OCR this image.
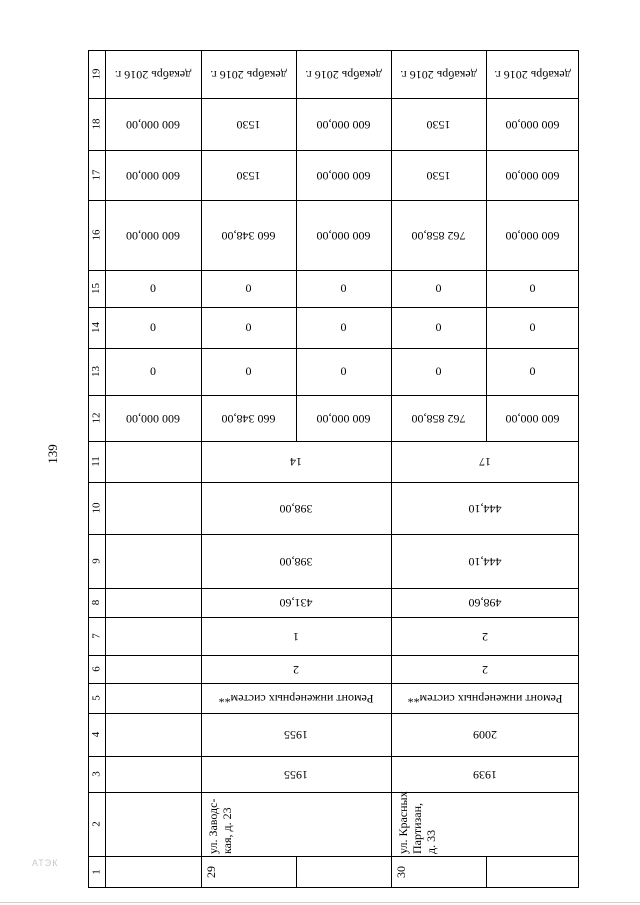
139
АТЭК
19
18
17
16
15
14
13
12
11
10
9
8
7
6
5
4
3
2
1
декабрь 2016 г.
600 000,00
600 000,00
600 000,00
0
0
0
600 000,00
декабрь 2016 г.
1530
1530
660 348,00
0
0
0
660 348,00
декабрь 2016 г.
600 000,00
600 000,00
600 000,00
0
0
0
600 000,00
декабрь 2016 г.
1530
1530
762 858,00
0
0
0
762 858,00
декабрь 2016 г.
600 000,00
600 000,00
600 000,00
0
0
0
600 000,00
14
398,00
398,00
431,60
1
2
Ремонт инженерных систем**
1955
1955
ул. Заводс-
кая, д. 23
29
17
444,10
444,10
498,60
2
2
Ремонт инженерных систем**
2009
1939
ул. Красных
Партизан,
д. 33
30
